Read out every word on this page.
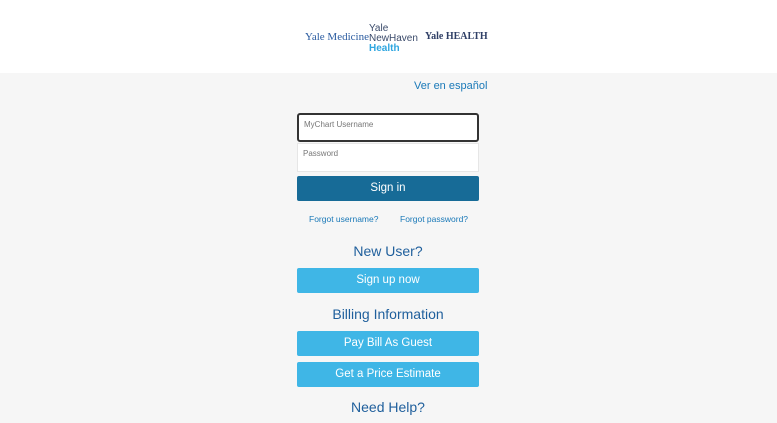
Yale Medicine
Yale
NewHaven
Health
Yale HEALTH
Ver en español
MyChart Username
Password
Sign in
Forgot username?	Forgot password?
New User?
Sign up now
Billing Information
Pay Bill As Guest
Get a Price Estimate
Need Help?
